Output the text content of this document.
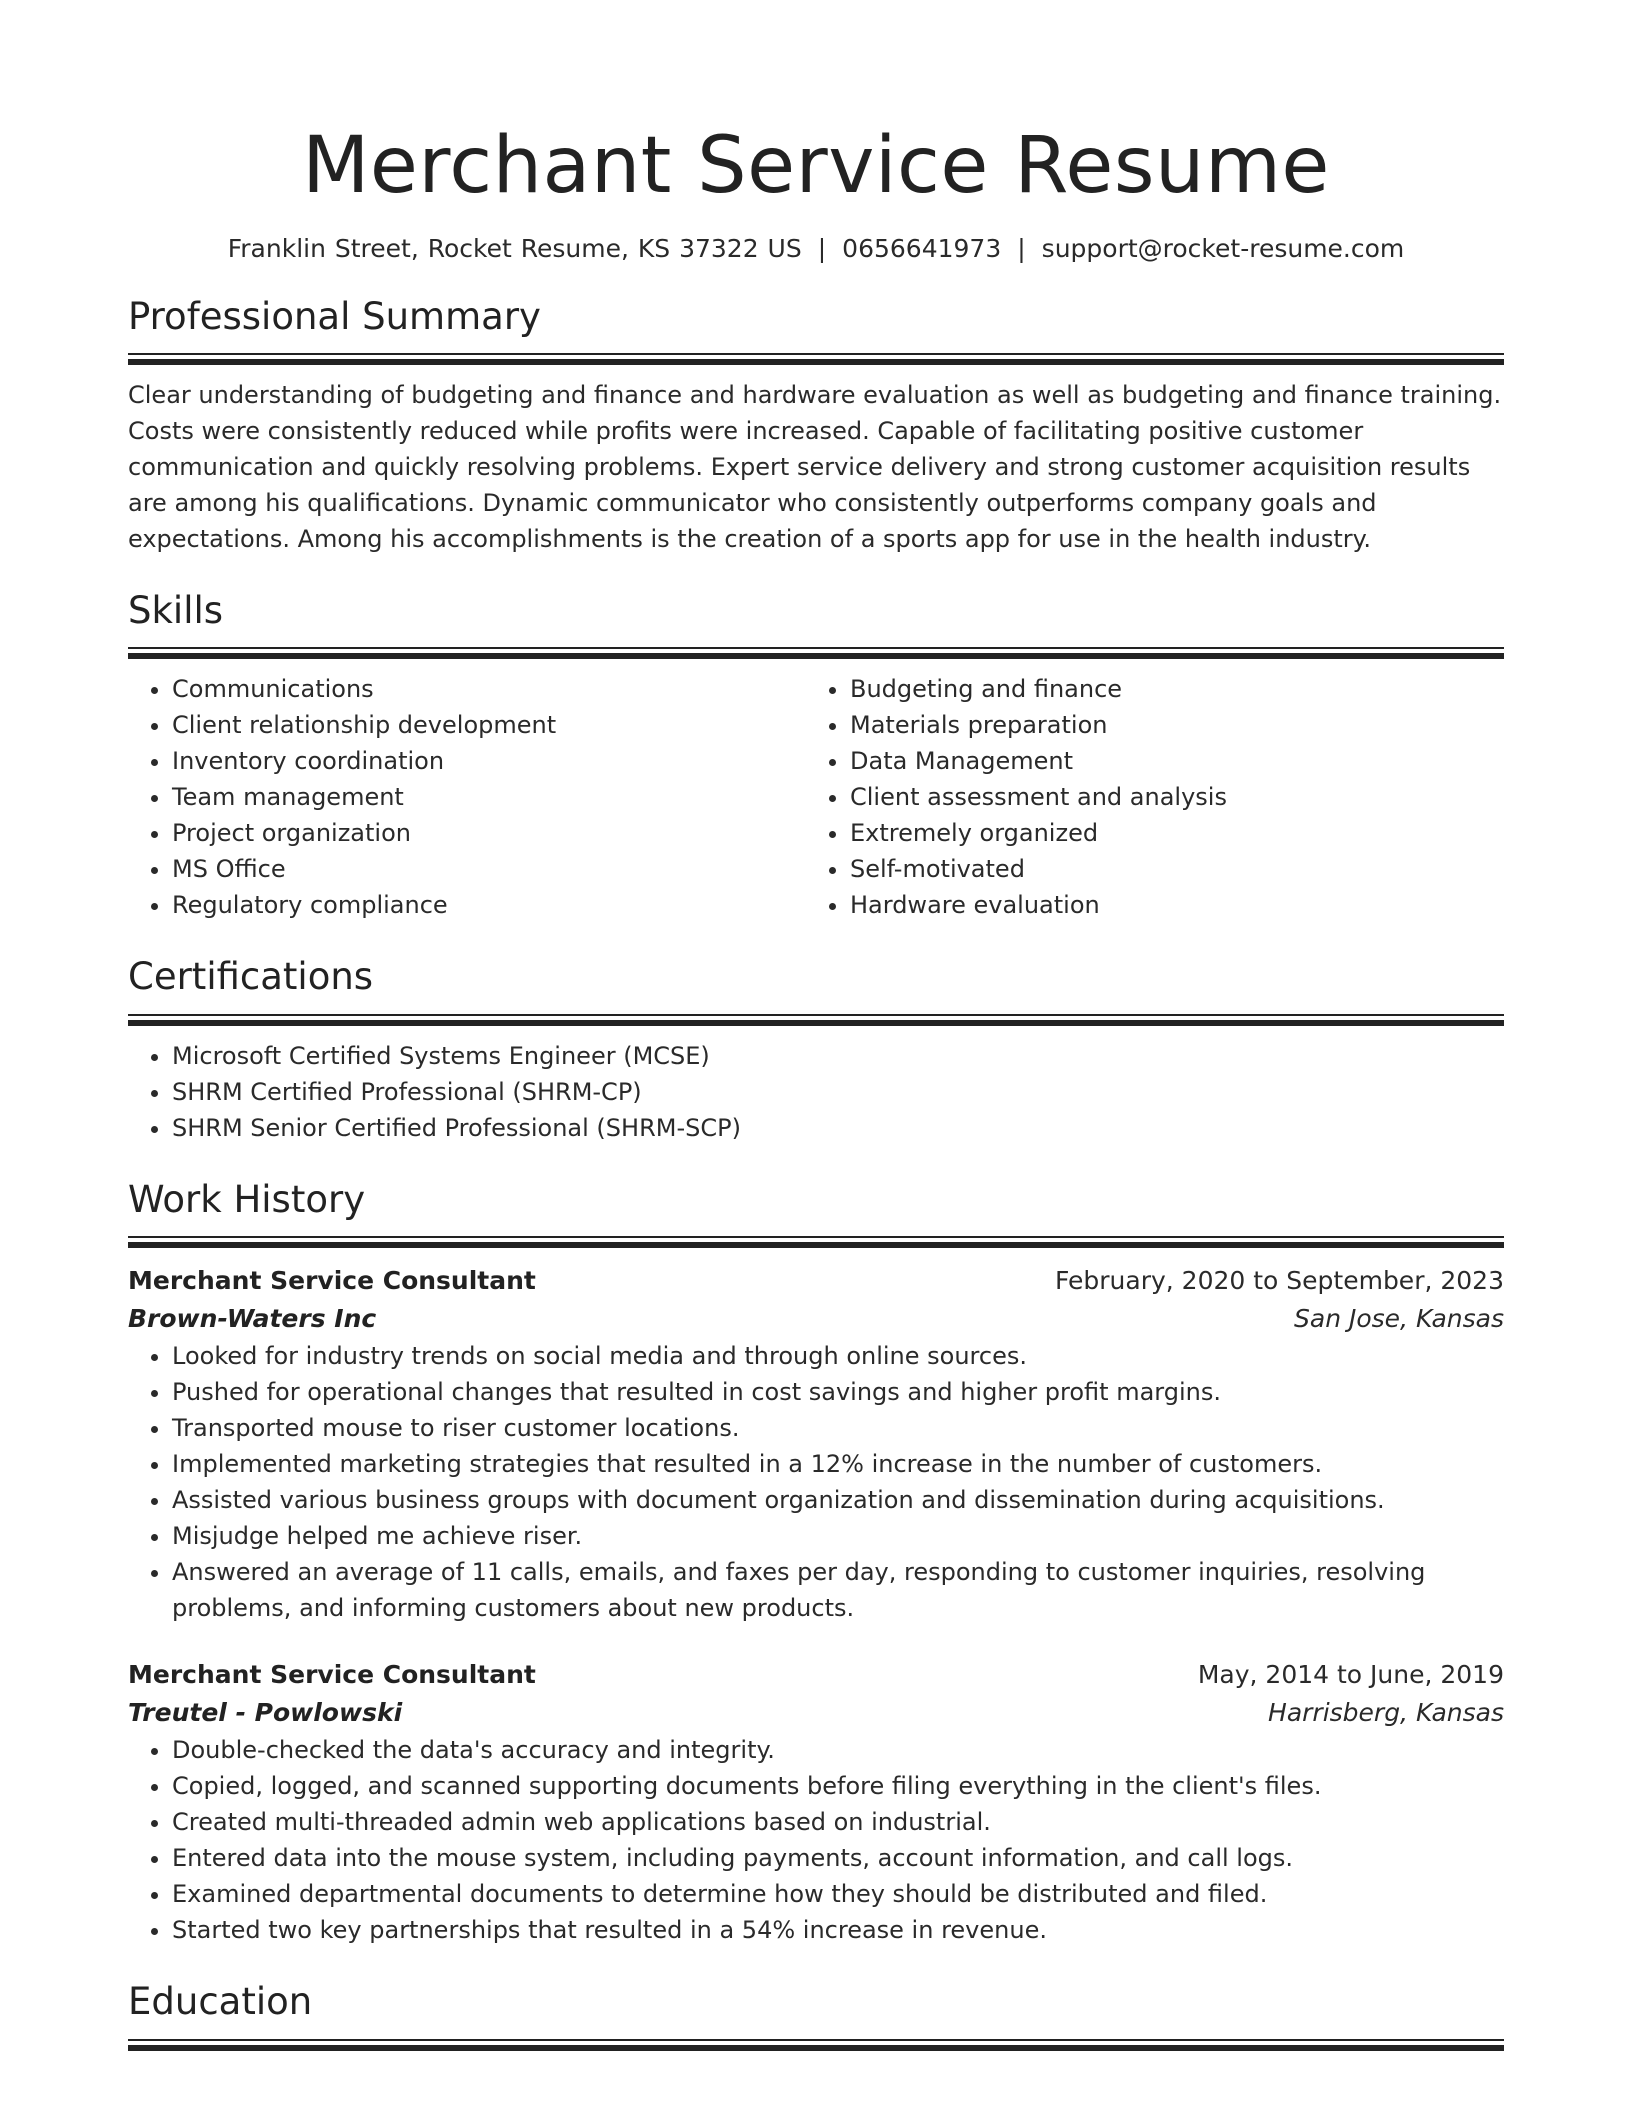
Merchant Service Resume
Franklin Street, Rocket Resume, KS 37322 US | 0656641973 | support@rocket-resume.com
Professional Summary
Clear understanding of budgeting and finance and hardware evaluation as well as budgeting and finance training. Costs were consistently reduced while profits were increased. Capable of facilitating positive customer communication and quickly resolving problems. Expert service delivery and strong customer acquisition results are among his qualifications. Dynamic communicator who consistently outperforms company goals and expectations. Among his accomplishments is the creation of a sports app for use in the health industry.
Skills
• Communications
• Client relationship development
• Inventory coordination
• Team management
• Project organization
• MS Office
• Regulatory compliance
• Budgeting and finance
• Materials preparation
• Data Management
• Client assessment and analysis
• Extremely organized
• Self-motivated
• Hardware evaluation
Certifications
• Microsoft Certified Systems Engineer (MCSE)
• SHRM Certified Professional (SHRM-CP)
• SHRM Senior Certified Professional (SHRM-SCP)
Work History
Merchant Service Consultant	February, 2020 to September, 2023
Brown-Waters Inc	San Jose, Kansas
• Looked for industry trends on social media and through online sources.
• Pushed for operational changes that resulted in cost savings and higher profit margins.
• Transported mouse to riser customer locations.
• Implemented marketing strategies that resulted in a 12% increase in the number of customers.
• Assisted various business groups with document organization and dissemination during acquisitions.
• Misjudge helped me achieve riser.
• Answered an average of 11 calls, emails, and faxes per day, responding to customer inquiries, resolving problems, and informing customers about new products.
Merchant Service Consultant	May, 2014 to June, 2019
Treutel - Powlowski	Harrisberg, Kansas
• Double-checked the data's accuracy and integrity.
• Copied, logged, and scanned supporting documents before filing everything in the client's files.
• Created multi-threaded admin web applications based on industrial.
• Entered data into the mouse system, including payments, account information, and call logs.
• Examined departmental documents to determine how they should be distributed and filed.
• Started two key partnerships that resulted in a 54% increase in revenue.
Education
